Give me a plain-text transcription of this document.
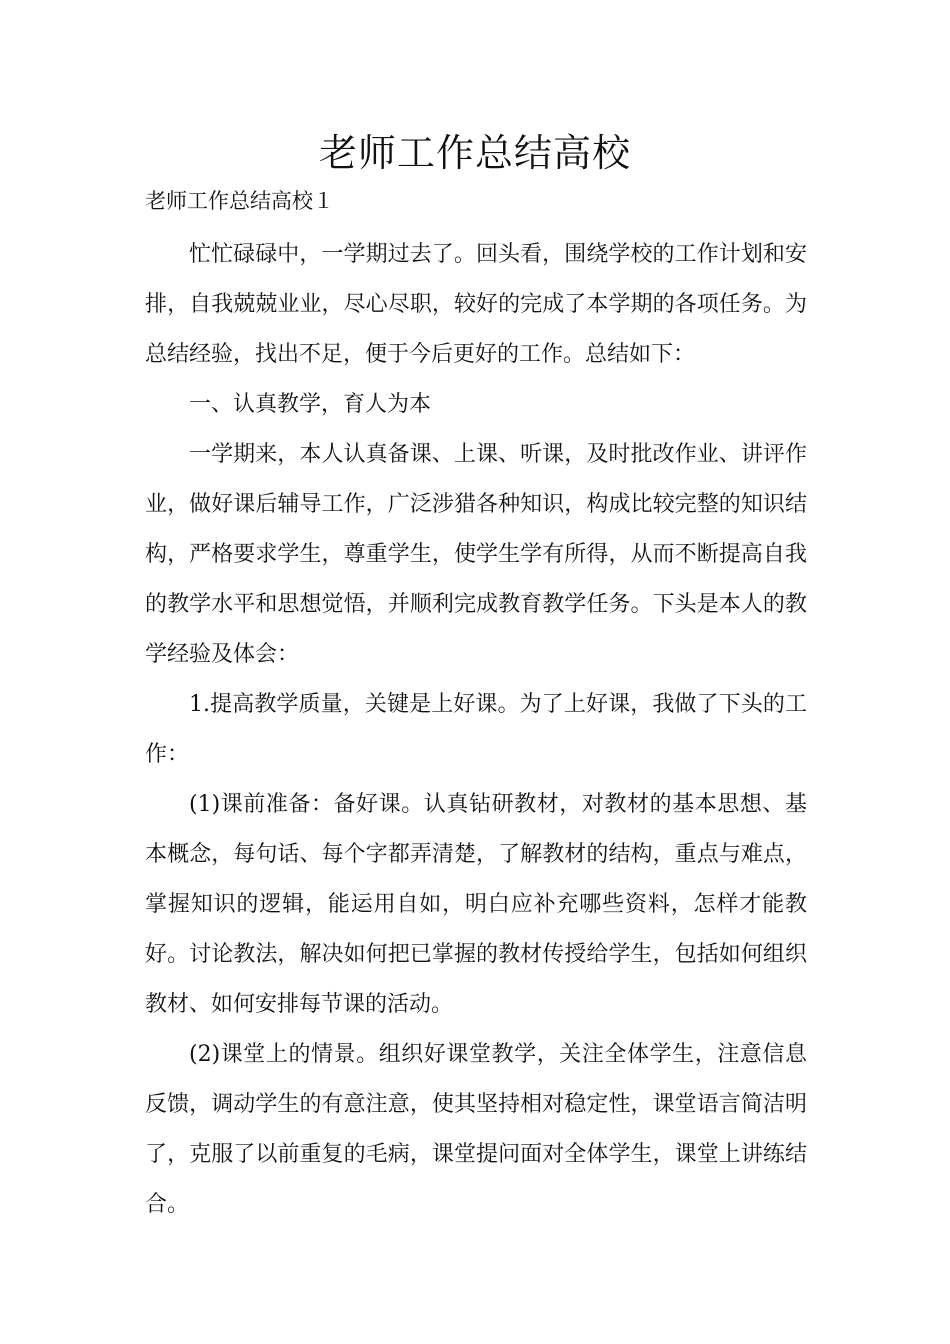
老师工作总结高校
老师工作总结高校１

忙忙碌碌中，一学期过去了。回头看，围绕学校的工作计划和安排，自我兢兢业业，尽心尽职，较好的完成了本学期的各项任务。为总结经验，找出不足，便于今后更好的工作。总结如下：

一、认真教学，育人为本

一学期来，本人认真备课、上课、听课，及时批改作业、讲评作业，做好课后辅导工作，广泛涉猎各种知识，构成比较完整的知识结构，严格要求学生，尊重学生，使学生学有所得，从而不断提高自我的教学水平和思想觉悟，并顺利完成教育教学任务。下头是本人的教学经验及体会：

1.提高教学质量，关键是上好课。为了上好课，我做了下头的工作：

(1)课前准备：备好课。认真钻研教材，对教材的基本思想、基本概念，每句话、每个字都弄清楚，了解教材的结构，重点与难点，掌握知识的逻辑，能运用自如，明白应补充哪些资料，怎样才能教好。讨论教法，解决如何把已掌握的教材传授给学生，包括如何组织教材、如何安排每节课的活动。

(2)课堂上的情景。组织好课堂教学，关注全体学生，注意信息反馈，调动学生的有意注意，使其坚持相对稳定性，课堂语言简洁明了，克服了以前重复的毛病，课堂提问面对全体学生，课堂上讲练结合。
